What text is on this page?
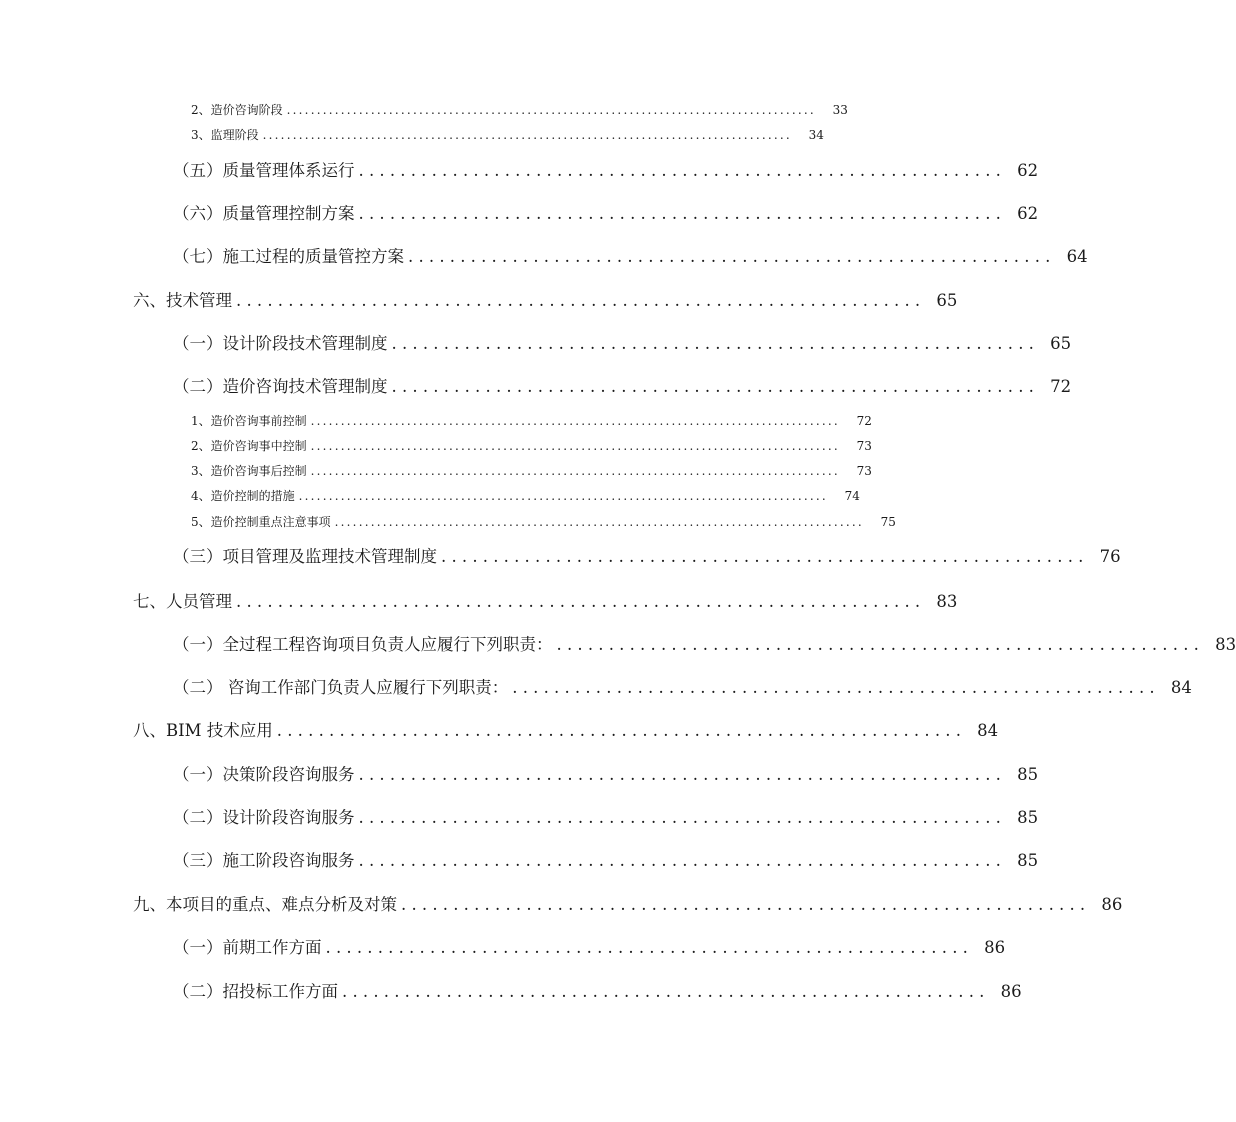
2、造价咨询阶段 ........................................................................................	33
3、监理阶段 ........................................................................................	34
（五）质量管理体系运行 .............................................................. 62
（六）质量管理控制方案 .............................................................. 62
（七）施工过程的质量管控方案 .............................................................. 64
六、技术管理 .................................................................. 65
（一）设计阶段技术管理制度 .............................................................. 65
（二）造价咨询技术管理制度 .............................................................. 72
1、造价咨询事前控制 ........................................................................................	72
2、造价咨询事中控制 ........................................................................................	73
3、造价咨询事后控制 ........................................................................................	73
4、造价控制的措施 ........................................................................................	74
5、造价控制重点注意事项 ........................................................................................	75
（三）项目管理及监理技术管理制度 .............................................................. 76
七、人员管理 .................................................................. 83
（一）全过程工程咨询项目负责人应履行下列职责： .............................................................. 83
（二） 咨询工作部门负责人应履行下列职责： .............................................................. 84
八、BIM 技术应用 .................................................................. 84
（一）决策阶段咨询服务 .............................................................. 85
（二）设计阶段咨询服务 .............................................................. 85
（三）施工阶段咨询服务 .............................................................. 85
九、本项目的重点、难点分析及对策 .................................................................. 86
（一）前期工作方面 .............................................................. 86
（二）招投标工作方面 .............................................................. 86
